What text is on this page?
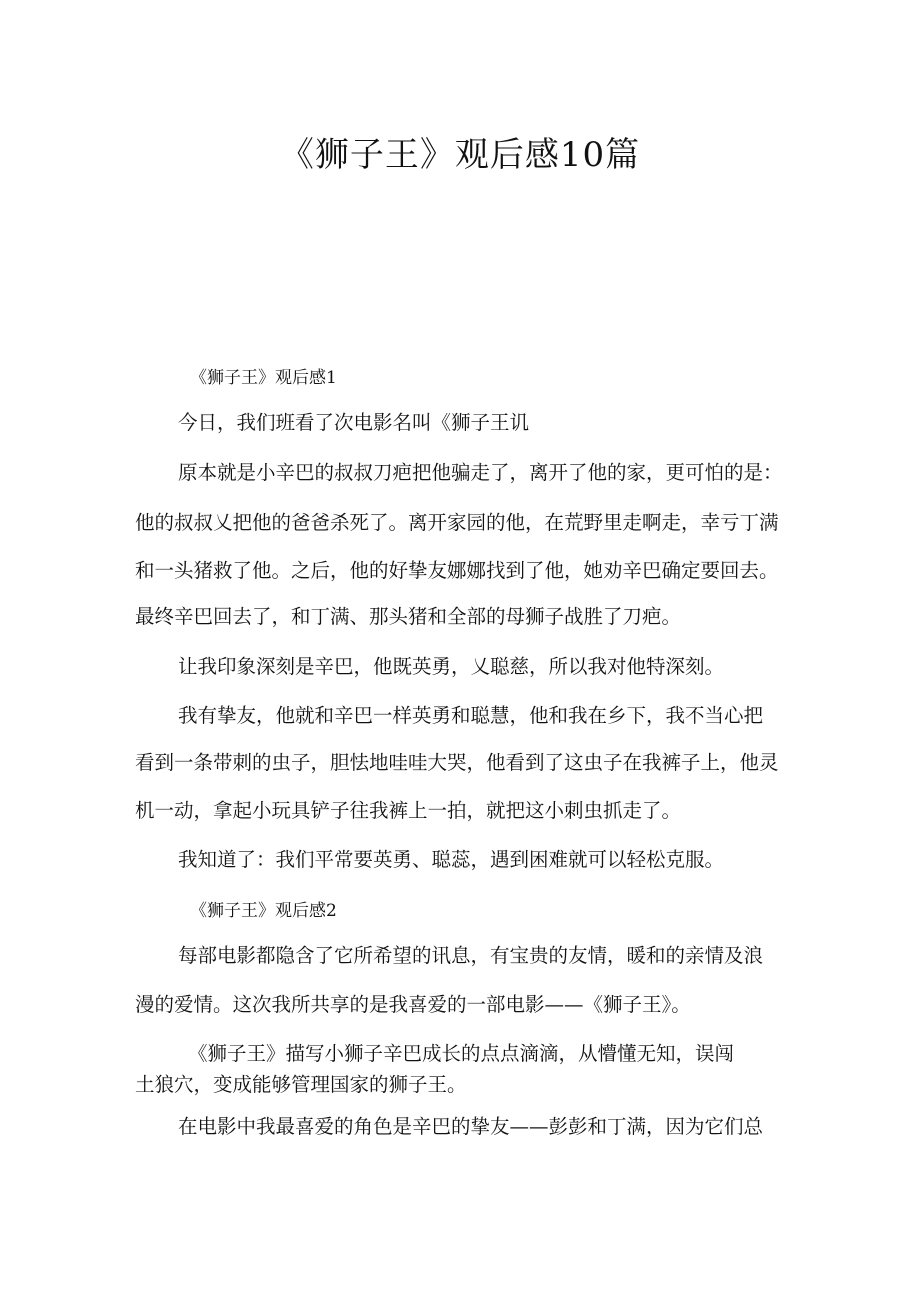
《狮子王》观后感10篇
《狮子王》观后感1
今日，我们班看了次电影名叫《狮子王讥
原本就是小辛巴的叔叔刀疤把他骗走了，离开了他的家，更可怕的是：
他的叔叔乂把他的爸爸杀死了。离开家园的他，在荒野里走啊走，幸亏丁满
和一头猪救了他。之后，他的好挚友娜娜找到了他，她劝辛巴确定要回去。
最终辛巴回去了，和丁满、那头猪和全部的母狮子战胜了刀疤。
让我印象深刻是辛巴，他既英勇，乂聪慈，所以我对他特深刻。
我有挚友，他就和辛巴一样英勇和聪慧，他和我在乡下，我不当心把
看到一条带刺的虫子，胆怯地哇哇大哭，他看到了这虫子在我裤子上，他灵
机一动，拿起小玩具铲子往我裤上一拍，就把这小刺虫抓走了。
我知道了：我们平常要英勇、聪蕊，遇到困难就可以轻松克服。
《狮子王》观后感2
每部电影都隐含了它所希望的讯息，有宝贵的友情，暖和的亲情及浪
漫的爱情。这次我所共享的是我喜爱的一部电影——《狮子王》。
《狮子王》描写小狮子辛巴成长的点点滴滴，从懵懂无知，误闯
土狼穴，变成能够管理国家的狮子王。
在电影中我最喜爱的角色是辛巴的挚友——彭彭和丁满，因为它们总
